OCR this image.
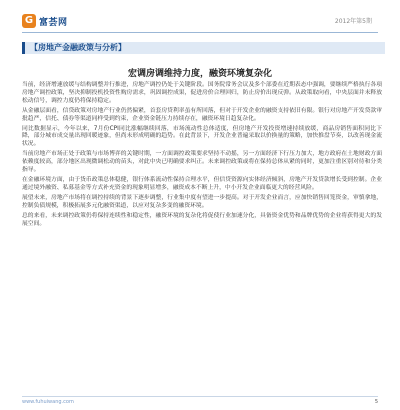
G 富荟网	2012年第5期
【房地产金融政策与分析】
宏调房调维持力度，融资环境复杂化

当前，经济增速放缓与结构调整并行推进，房地产调控仍处于关键阶段。国务院常务会议及多个部委在近期表态中强调，要继续严格执行各项房地产调控政策，坚决抑制投机投资性购房需求，巩固调控成果，促进房价合理回归，防止房价出现反弹。从政策取向看，中央层面并未释放松动信号，调控力度仍将保持稳定。

从金融层面看，信贷政策对房地产行业仍然偏紧，首套房贷利率虽有所回落，但对于开发企业的融资支持依旧有限。银行对房地产开发贷款审批趋严，信托、债券等渠道同样受到约束，企业资金链压力持续存在，融资环境日趋复杂化。

同比数据显示，今年以来，7月份CPI同比涨幅继续回落，市场流动性总体适度，但房地产开发投资增速持续放缓，商品房销售面积同比下降，部分城市成交量出现回暖迹象，但尚未形成明确的趋势。在此背景下，开发企业普遍采取以价换量的策略，加快推盘节奏，以改善现金流状况。

当前房地产市场正处于政策与市场博弈的关键时期，一方面调控政策要求坚持不动摇，另一方面经济下行压力加大，地方政府在土地财政方面依赖度较高，部分地区出现微调松动的苗头，对此中央已明确要求纠正。未来调控政策或将在保持总体从紧的同时，更加注重区别对待和分类指导。

在金融环境方面，由于货币政策总体稳健，银行体系流动性保持合理水平，但信贷资源向实体经济倾斜，房地产开发贷款增长受到控制。企业通过境外融资、私募基金等方式补充资金的现象明显增多，融资成本不断上升，中小开发企业面临更大的经营风险。

展望未来，房地产市场将在调控持续的背景下逐步调整，行业集中度有望进一步提高。对于开发企业而言，应加快销售回笼资金，审慎拿地，控制负债规模，积极拓展多元化融资渠道，以应对复杂多变的融资环境。

总的来看，未来调控政策仍将保持连续性和稳定性，融资环境的复杂化将促使行业加速分化，具备资金优势和品牌优势的企业将获得更大的发展空间。

www.fuhuiwang.com	5
